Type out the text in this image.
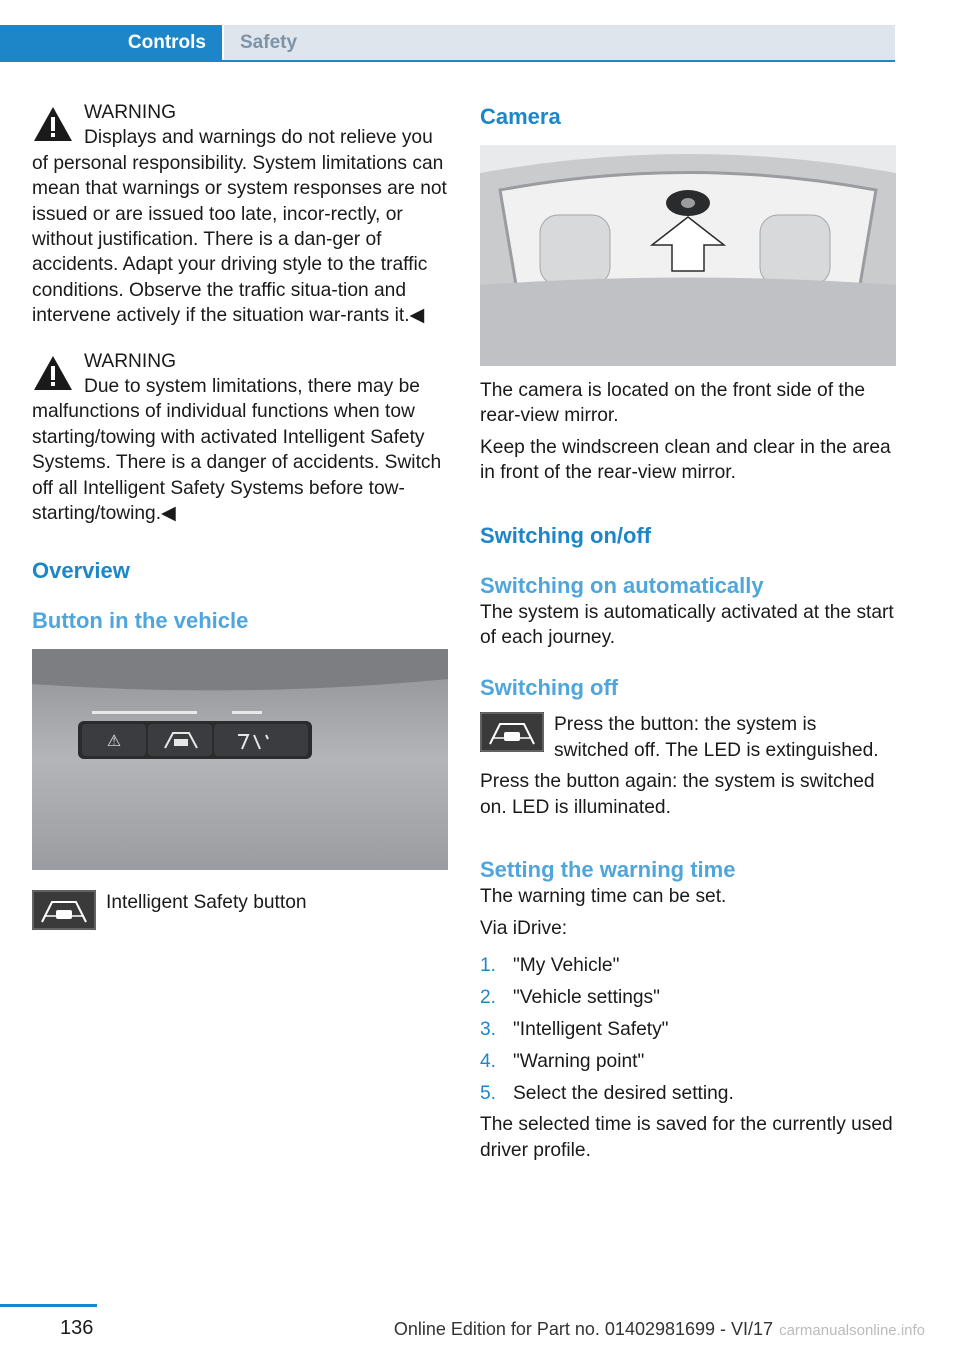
Controls	Safety

WARNING

Displays and warnings do not relieve you of personal responsibility. System limitations can mean that warnings or system responses are not issued or are issued too late, incor-rectly, or without justification. There is a dan-ger of accidents. Adapt your driving style to the traffic conditions. Observe the traffic situa-tion and intervene actively if the situation war-rants it.◀

WARNING

Due to system limitations, there may be malfunctions of individual functions when tow starting/towing with activated Intelligent Safety Systems. There is a danger of accidents. Switch off all Intelligent Safety Systems before tow-starting/towing.◀

Overview
Button in the vehicle
⚠

Intelligent Safety button

Camera

The camera is located on the front side of the rear-view mirror.

Keep the windscreen clean and clear in the area in front of the rear-view mirror.

Switching on/off
Switching on automatically

The system is automatically activated at the start of each journey.

Switching off

Press the button: the system is switched off. The LED is extinguished.

Press the button again: the system is switched on. LED is illuminated.

Setting the warning time

The warning time can be set.

Via iDrive:

1. "My Vehicle"
2. "Vehicle settings"
3. "Intelligent Safety"
4. "Warning point"
5. Select the desired setting.

The selected time is saved for the currently used driver profile.

136	Online Edition for Part no. 01402981699 - VI/17 carmanualsonline.info
